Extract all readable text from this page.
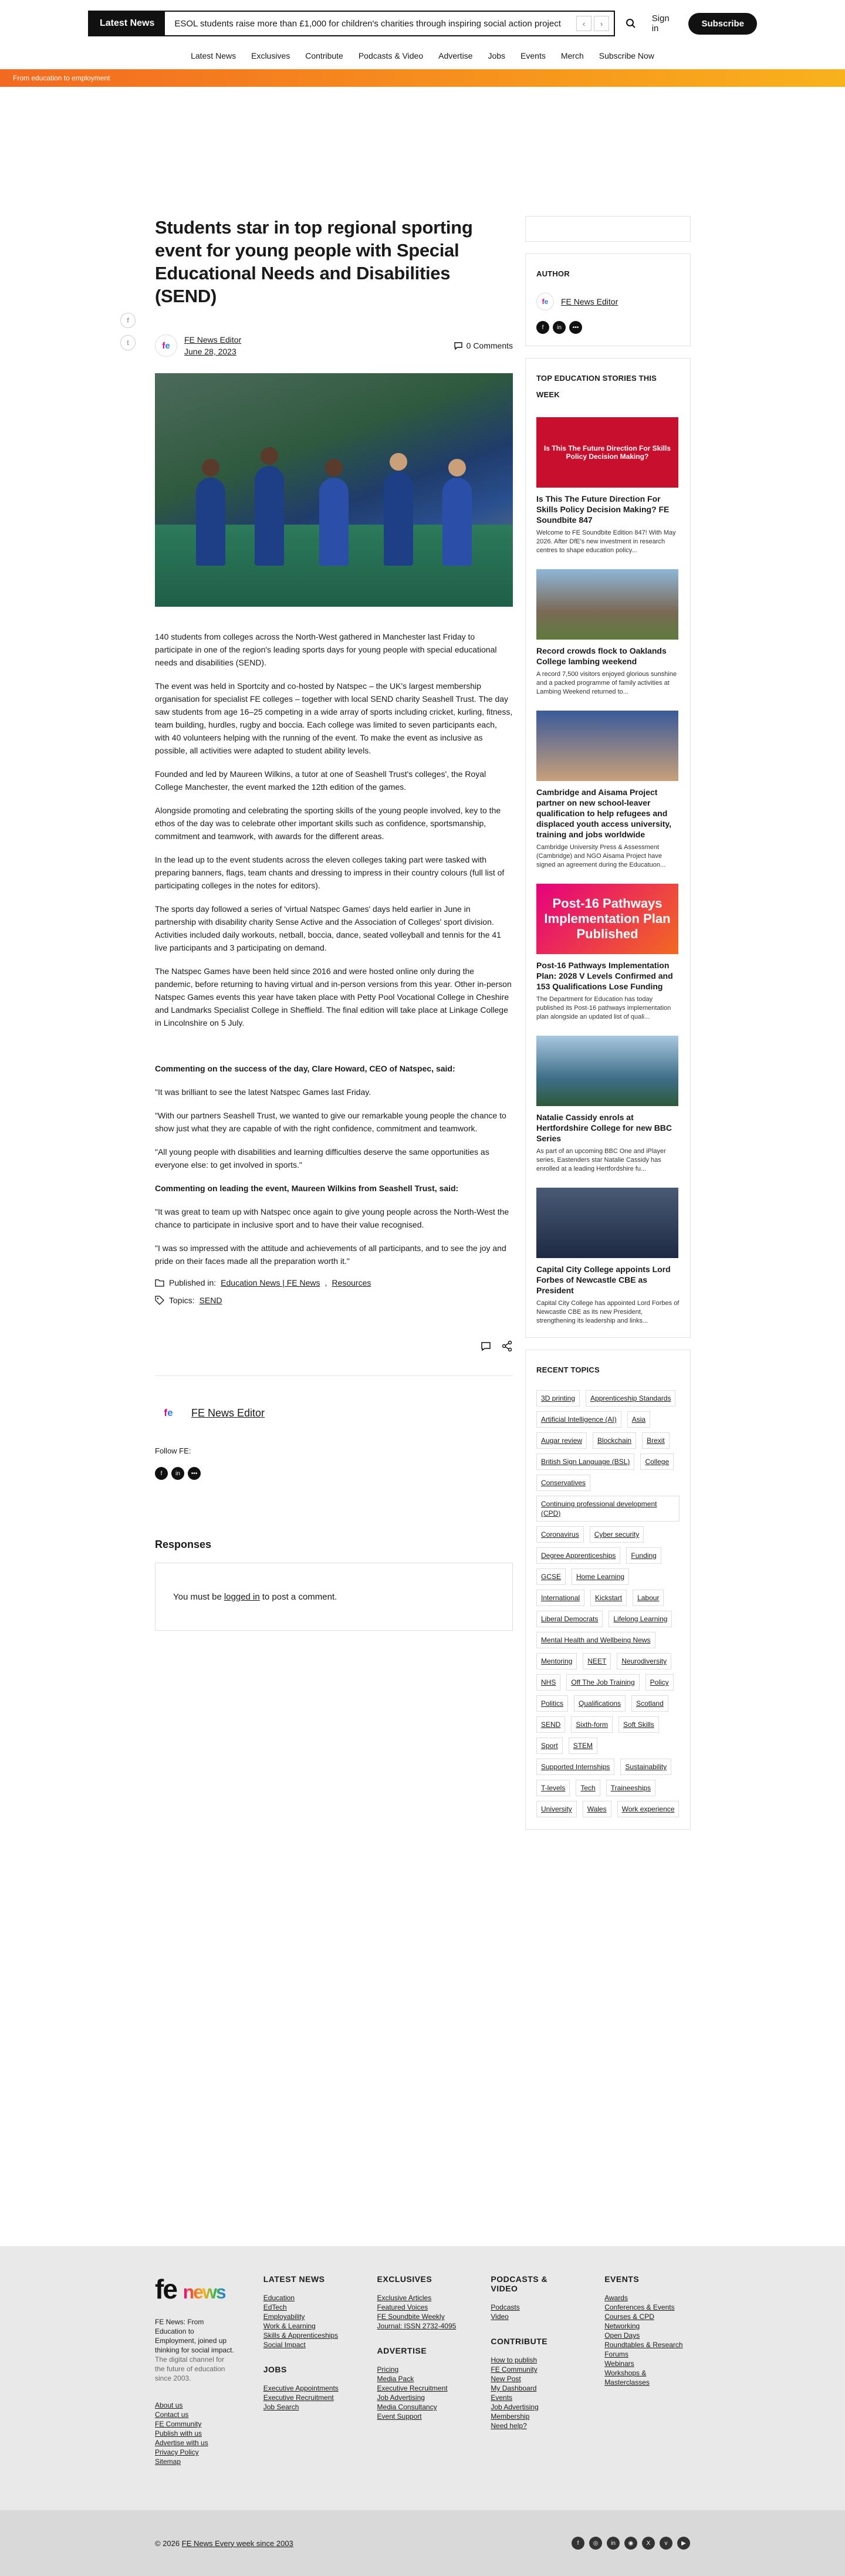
Latest News	ESOL students raise more than £1,000 for children's charities through inspiring social action project	‹	›	Sign in	Subscribe
Latest News Exclusives Contribute Podcasts & Video Advertise Jobs Events Merch Subscribe Now
From education to employment
f
t
Students star in top regional sporting event for young people with Special Educational Needs and Disabilities (SEND)
f e
FE News Editor
June 28, 2023
0 Comments

140 students from colleges across the North-West gathered in Manchester last Friday to participate in one of the region's leading sports days for young people with special educational needs and disabilities (SEND).

The event was held in Sportcity and co-hosted by Natspec – the UK's largest membership organisation for specialist FE colleges – together with local SEND charity Seashell Trust. The day saw students from age 16–25 competing in a wide array of sports including cricket, kurling, fitness, team building, hurdles, rugby and boccia. Each college was limited to seven participants each, with 40 volunteers helping with the running of the event. To make the event as inclusive as possible, all activities were adapted to student ability levels.

Founded and led by Maureen Wilkins, a tutor at one of Seashell Trust's colleges', the Royal College Manchester, the event marked the 12th edition of the games.

Alongside promoting and celebrating the sporting skills of the young people involved, key to the ethos of the day was to celebrate other important skills such as confidence, sportsmanship, commitment and teamwork, with awards for the different areas.

In the lead up to the event students across the eleven colleges taking part were tasked with preparing banners, flags, team chants and dressing to impress in their country colours (full list of participating colleges in the notes for editors).

The sports day followed a series of 'virtual Natspec Games' days held earlier in June in partnership with disability charity Sense Active and the Association of Colleges' sport division. Activities included daily workouts, netball, boccia, dance, seated volleyball and tennis for the 41 live participants and 3 participating on demand.

The Natspec Games have been held since 2016 and were hosted online only during the pandemic, before returning to having virtual and in-person versions from this year. Other in-person Natspec Games events this year have taken place with Petty Pool Vocational College in Cheshire and Landmarks Specialist College in Sheffield. The final edition will take place at Linkage College in Lincolnshire on 5 July.

Commenting on the success of the day, Clare Howard, CEO of Natspec, said:

"It was brilliant to see the latest Natspec Games last Friday.

"With our partners Seashell Trust, we wanted to give our remarkable young people the chance to show just what they are capable of with the right confidence, commitment and teamwork.

"All young people with disabilities and learning difficulties deserve the same opportunities as everyone else: to get involved in sports."

Commenting on leading the event, Maureen Wilkins from Seashell Trust, said:

"It was great to team up with Natspec once again to give young people across the North-West the chance to participate in inclusive sport and to have their value recognised.

"I was so impressed with the attitude and achievements of all participants, and to see the joy and pride on their faces made all the preparation worth it."

Published in: Education News | FE News , Resources
Topics: SEND
f e FE News Editor
Follow FE:
f	in	•••
Responses
You must be logged in to post a comment.
AUTHOR
f e FE News Editor
f	in	•••
TOP EDUCATION STORIES THIS WEEK
Is This The Future Direction For Skills Policy Decision Making?
Is This The Future Direction For Skills Policy Decision Making? FE Soundbite 847
Welcome to FE Soundbite Edition 847! With May 2026. After DfE's new investment in research centres to shape education policy...
Record crowds flock to Oaklands College lambing weekend
A record 7,500 visitors enjoyed glorious sunshine and a packed programme of family activities at Lambing Weekend returned to...
Cambridge and Aisama Project partner on new school-leaver qualification to help refugees and displaced youth access university, training and jobs worldwide
Cambridge University Press & Assessment (Cambridge) and NGO Aisama Project have signed an agreement during the Educatuon...
Post-16 Pathways Implementation Plan Published
Post-16 Pathways Implementation Plan: 2028 V Levels Confirmed and 153 Qualifications Lose Funding
The Department for Education has today published its Post-16 pathways implementation plan alongside an updated list of quali...
Natalie Cassidy enrols at Hertfordshire College for new BBC Series
As part of an upcoming BBC One and iPlayer series, Eastenders star Natalie Cassidy has enrolled at a leading Hertfordshire fu...
Capital City College appoints Lord Forbes of Newcastle CBE as President
Capital City College has appointed Lord Forbes of Newcastle CBE as its new President, strengthening its leadership and links...
RECENT TOPICS
3D printing	Apprenticeship Standards
Artificial Intelligence (AI)	Asia
Augar review	Blockchain	Brexit
British Sign Language (BSL)	College
Conservatives
Continuing professional development (CPD)
Coronavirus	Cyber security
Degree Apprenticeships	Funding
GCSE	Home Learning
International	Kickstart	Labour
Liberal Democrats	Lifelong Learning
Mental Health and Wellbeing News
Mentoring	NEET	Neurodiversity
NHS	Off The Job Training	Policy
Politics	Qualifications	Scotland
SEND	Sixth-form	Soft Skills
Sport	STEM
Supported Internships	Sustainability
T-levels	Tech	Traineeships
University	Wales	Work experience
fe news
FE News: From Education to Employment, joined up thinking for social impact.
The digital channel for the future of education since 2003.
About us
Contact us
FE Community
Publish with us
Advertise with us
Privacy Policy
Sitemap
LATEST NEWS
Education
EdTech
Employability
Work & Learning
Skills & Apprenticeships
Social Impact
JOBS
Executive Appointments
Executive Recruitment
Job Search
EXCLUSIVES
Exclusive Articles
Featured Voices
FE Soundbite Weekly
Journal: ISSN 2732-4095
ADVERTISE
Pricing
Media Pack
Executive Recruitment
Job Advertising
Media Consultancy
Event Support
PODCASTS & VIDEO
Podcasts
Video
CONTRIBUTE
How to publish
FE Community
New Post
My Dashboard
Events
Job Advertising
Membership
Need help?
EVENTS
Awards
Conferences & Events
Courses & CPD
Networking
Open Days
Roundtables & Research
Forums
Webinars
Workshops & Masterclasses
© 2026 FE News Every week since 2003	f	◎	in	◉	X	v	▶
